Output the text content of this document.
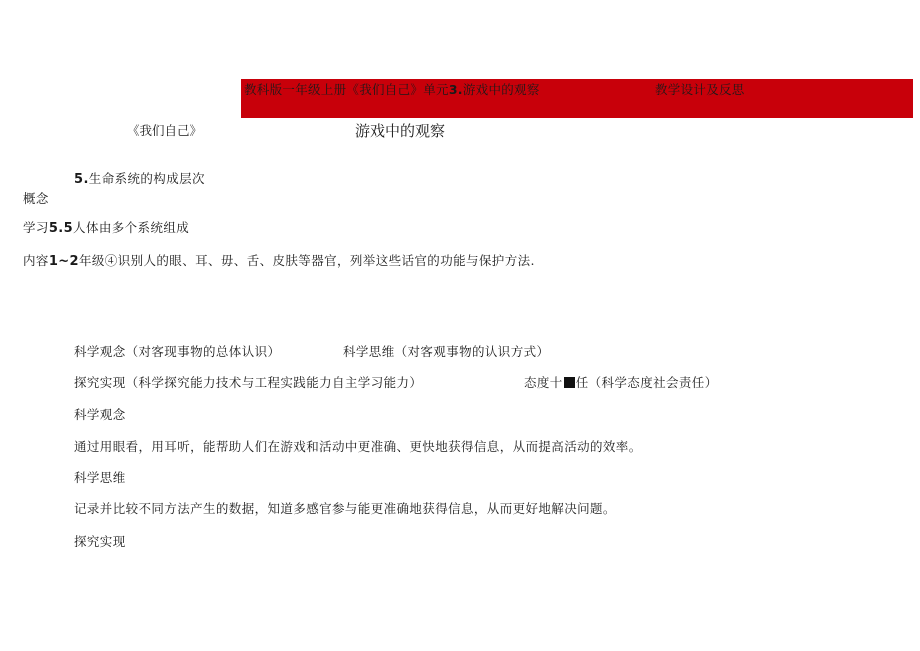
教科版一年级上册《我们自己》单元3.游戏中的观察	教学设计及反思
《我们自己》	游戏中的观察
5.生命系统的构成层次
概念
学习5.5人体由多个系统组成
内容1~2年级④识别人的眼、耳、毋、舌、皮肤等器官，列举这些话官的功能与保护方法.
科学观念（对客现事物的总体认识）	科学思维（对客观事物的认识方式）
探究实现（科学探究能力技术与工程实践能力自主学习能力）	态度十 任（科学态度社会责任）
科学观念
通过用眼看，用耳听，能帮助人们在游戏和活动中更准确、更快地获得信息，从而提高活动的效率。
科学思维
记录并比较不同方法产生的数据，知道多感官参与能更准确地获得信息，从而更好地解决问题。
探究实现
